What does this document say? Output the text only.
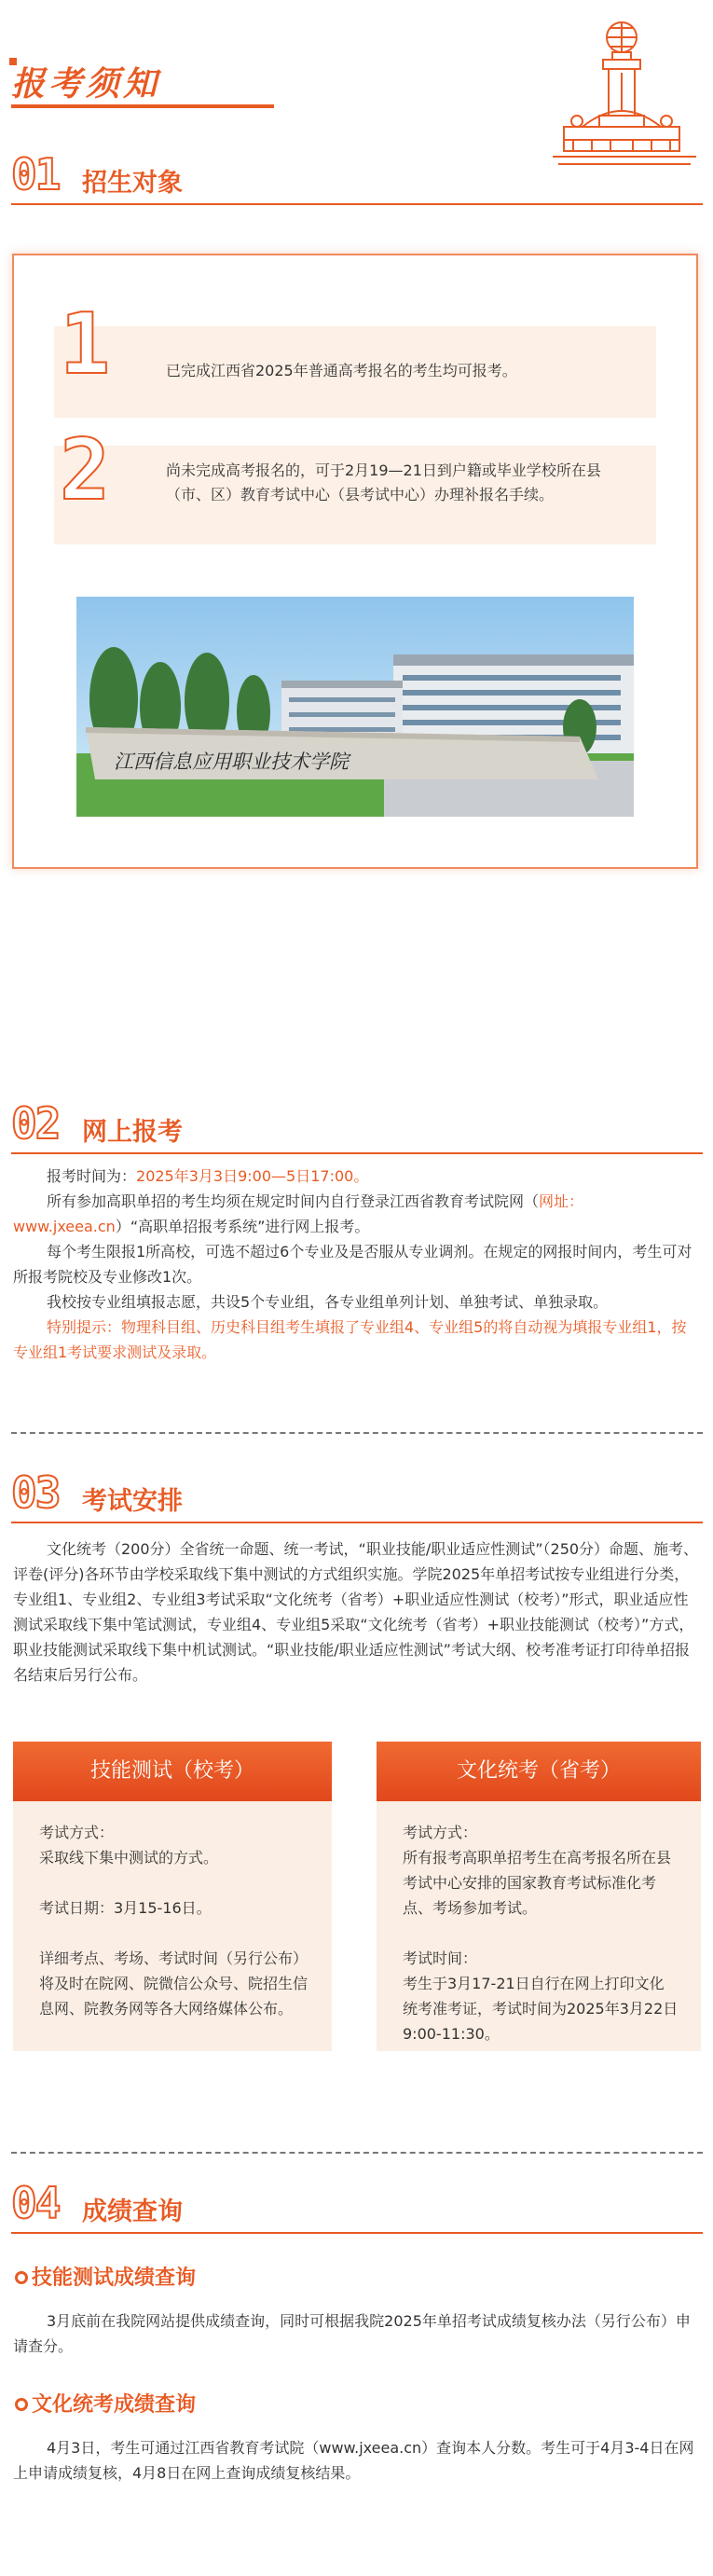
报考须知
01 招生对象
1	已完成江西省2025年普通高考报名的考生均可报考。
2	尚未完成高考报名的，可于2月19—21日到户籍或毕业学校所在县（市、区）教育考试中心（县考试中心）办理补报名手续。
江西信息应用职业技术学院
02 网上报考
报考时间为：2025年3月3日9:00—5日17:00。
所有参加高职单招的考生均须在规定时间内自行登录江西省教育考试院网（网址：www.jxeea.cn）“高职单招报考系统”进行网上报考。
每个考生限报1所高校，可选不超过6个专业及是否服从专业调剂。在规定的网报时间内，考生可对所报考院校及专业修改1次。
我校按专业组填报志愿，共设5个专业组，各专业组单列计划、单独考试、单独录取。
特别提示：物理科目组、历史科目组考生填报了专业组4、专业组5的将自动视为填报专业组1，按专业组1考试要求测试及录取。
03 考试安排
文化统考（200分）全省统一命题、统一考试，“职业技能/职业适应性测试”（250分）命题、施考、评卷(评分)各环节由学校采取线下集中测试的方式组织实施。学院2025年单招考试按专业组进行分类，专业组1、专业组2、专业组3考试采取“文化统考（省考）+职业适应性测试（校考）”形式，职业适应性测试采取线下集中笔试测试，专业组4、专业组5采取“文化统考（省考）+职业技能测试（校考）”方式，职业技能测试采取线下集中机试测试。“职业技能/职业适应性测试”考试大纲、校考准考证打印待单招报名结束后另行公布。
技能测试（校考）
考试方式：
采取线下集中测试的方式。
考试日期：3月15-16日。
详细考点、考场、考试时间（另行公布）将及时在院网、院微信公众号、院招生信息网、院教务网等各大网络媒体公布。
文化统考（省考）
考试方式：
所有报考高职单招考生在高考报名所在县考试中心安排的国家教育考试标准化考点、考场参加考试。
考试时间：
考生于3月17-21日自行在网上打印文化统考准考证，考试时间为2025年3月22日9:00-11:30。
04 成绩查询
技能测试成绩查询
3月底前在我院网站提供成绩查询，同时可根据我院2025年单招考试成绩复核办法（另行公布）申请查分。
文化统考成绩查询
4月3日，考生可通过江西省教育考试院（www.jxeea.cn）查询本人分数。考生可于4月3-4日在网上申请成绩复核，4月8日在网上查询成绩复核结果。
